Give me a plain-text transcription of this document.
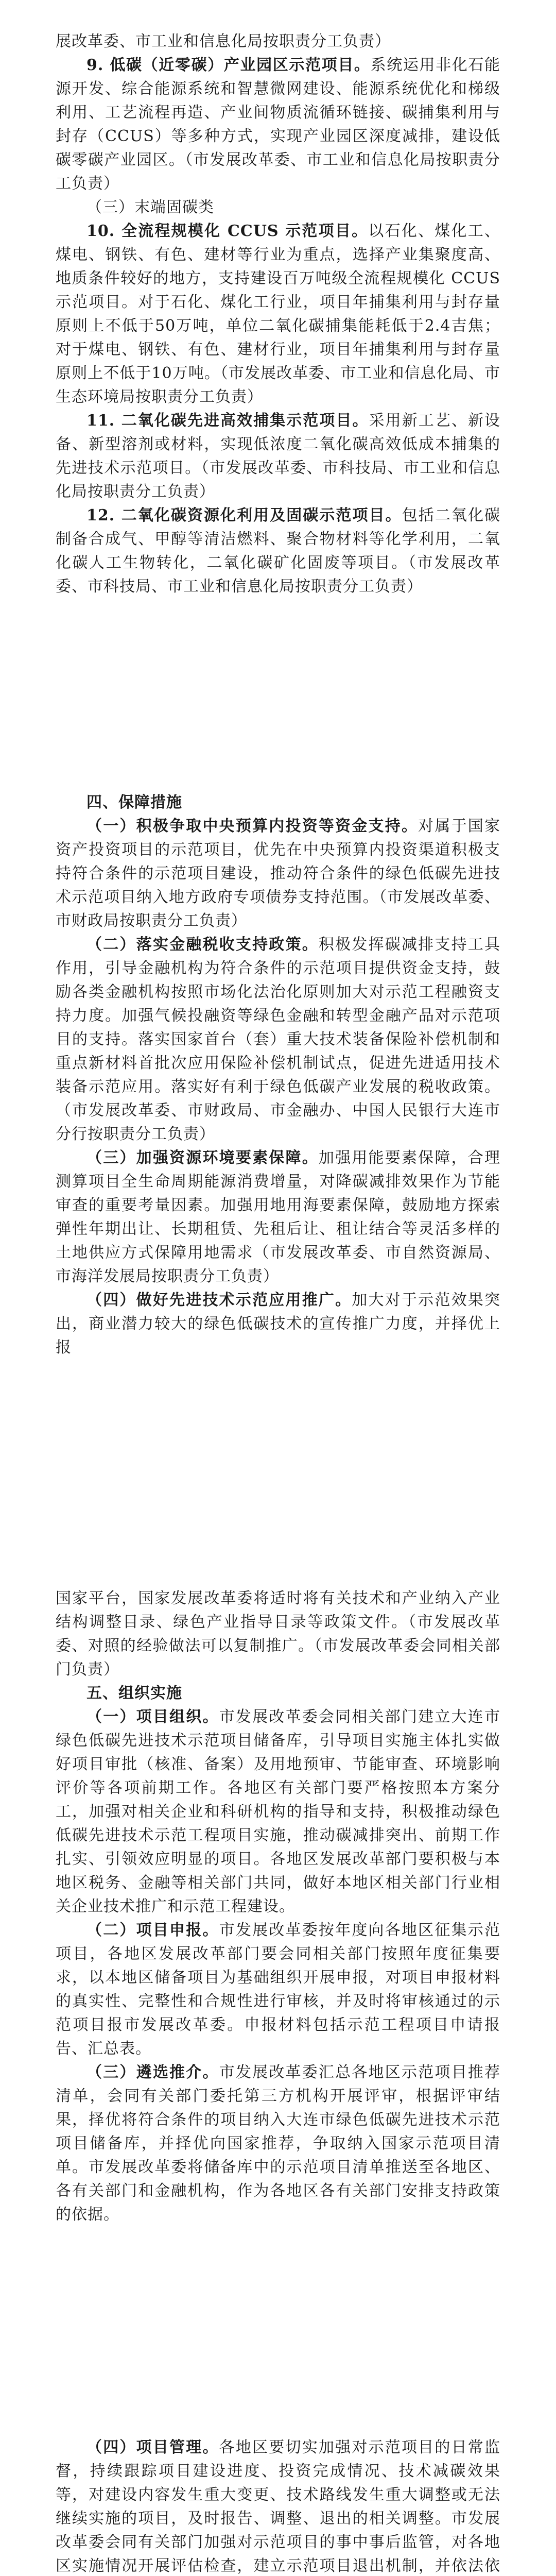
展改革委、市工业和信息化局按职责分工负责）

9. 低碳（近零碳）产业园区示范项目。系统运用非化石能源开发、综合能源系统和智慧微网建设、能源系统优化和梯级利用、工艺流程再造、产业间物质流循环链接、碳捕集利用与封存（CCUS）等多种方式，实现产业园区深度减排，建设低碳零碳产业园区。（市发展改革委、市工业和信息化局按职责分工负责）

（三）末端固碳类

10. 全流程规模化 CCUS 示范项目。以石化、煤化工、煤电、钢铁、有色、建材等行业为重点，选择产业集聚度高、地质条件较好的地方，支持建设百万吨级全流程规模化 CCUS 示范项目。对于石化、煤化工行业，项目年捕集利用与封存量原则上不低于50万吨，单位二氧化碳捕集能耗低于2.4吉焦；对于煤电、钢铁、有色、建材行业，项目年捕集利用与封存量原则上不低于10万吨。（市发展改革委、市工业和信息化局、市生态环境局按职责分工负责）

11. 二氧化碳先进高效捕集示范项目。采用新工艺、新设备、新型溶剂或材料，实现低浓度二氧化碳高效低成本捕集的先进技术示范项目。（市发展改革委、市科技局、市工业和信息化局按职责分工负责）

12. 二氧化碳资源化利用及固碳示范项目。包括二氧化碳制备合成气、甲醇等清洁燃料、聚合物材料等化学利用，二氧化碳人工生物转化，二氧化碳矿化固废等项目。（市发展改革委、市科技局、市工业和信息化局按职责分工负责）

四、保障措施

（一）积极争取中央预算内投资等资金支持。对属于国家资产投资项目的示范项目，优先在中央预算内投资渠道积极支持符合条件的示范项目建设，推动符合条件的绿色低碳先进技术示范项目纳入地方政府专项债券支持范围。（市发展改革委、市财政局按职责分工负责）

（二）落实金融税收支持政策。积极发挥碳减排支持工具作用，引导金融机构为符合条件的示范项目提供资金支持，鼓励各类金融机构按照市场化法治化原则加大对示范工程融资支持力度。加强气候投融资等绿色金融和转型金融产品对示范项目的支持。落实国家首台（套）重大技术装备保险补偿机制和重点新材料首批次应用保险补偿机制试点，促进先进适用技术装备示范应用。落实好有利于绿色低碳产业发展的税收政策。（市发展改革委、市财政局、市金融办、中国人民银行大连市分行按职责分工负责）

（三）加强资源环境要素保障。加强用能要素保障，合理测算项目全生命周期能源消费增量，对降碳减排效果作为节能审查的重要考量因素。加强用地用海要素保障，鼓励地方探索弹性年期出让、长期租赁、先租后让、租让结合等灵活多样的土地供应方式保障用地需求（市发展改革委、市自然资源局、市海洋发展局按职责分工负责）

（四）做好先进技术示范应用推广。加大对于示范效果突出，商业潜力较大的绿色低碳技术的宣传推广力度，并择优上报

国家平台，国家发展改革委将适时将有关技术和产业纳入产业结构调整目录、绿色产业指导目录等政策文件。（市发展改革委、对照的经验做法可以复制推广。（市发展改革委会同相关部门负责）

五、组织实施

（一）项目组织。市发展改革委会同相关部门建立大连市绿色低碳先进技术示范项目储备库，引导项目实施主体扎实做好项目审批（核准、备案）及用地预审、节能审查、环境影响评价等各项前期工作。各地区有关部门要严格按照本方案分工，加强对相关企业和科研机构的指导和支持，积极推动绿色低碳先进技术示范工程项目实施，推动碳减排突出、前期工作扎实、引领效应明显的项目。各地区发展改革部门要积极与本地区税务、金融等相关部门共同，做好本地区相关部门行业相关企业技术推广和示范工程建设。

（二）项目申报。市发展改革委按年度向各地区征集示范项目，各地区发展改革部门要会同相关部门按照年度征集要求，以本地区储备项目为基础组织开展申报，对项目申报材料的真实性、完整性和合规性进行审核，并及时将审核通过的示范项目报市发展改革委。申报材料包括示范工程项目申请报告、汇总表。

（三）遴选推介。市发展改革委汇总各地区示范项目推荐清单，会同有关部门委托第三方机构开展评审，根据评审结果，择优将符合条件的项目纳入大连市绿色低碳先进技术示范项目储备库，并择优向国家推荐，争取纳入国家示范项目清单。市发展改革委将储备库中的示范项目清单推送至各地区、各有关部门和金融机构，作为各地区各有关部门安排支持政策的依据。

（四）项目管理。各地区要切实加强对示范项目的日常监督，持续跟踪项目建设进度、投资完成情况、技术减碳效果等，对建设内容发生重大变更、技术路线发生重大调整或无法继续实施的项目，及时报告、调整、退出的相关调整。市发展改革委会同有关部门加强对示范项目的事中事后监管，对各地区实施情况开展评估检查，建立示范项目退出机制，并依法依
